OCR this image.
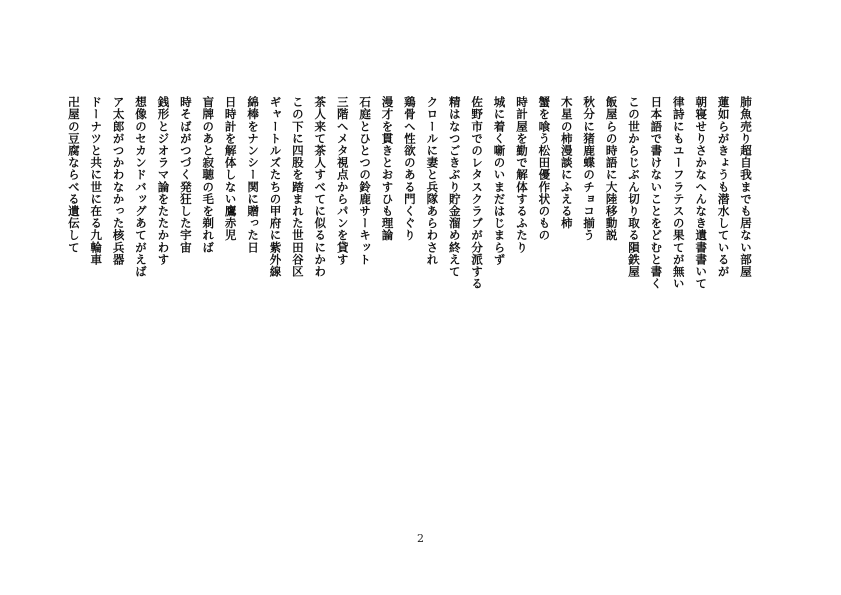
肺魚売り超自我までも居ない部屋
蓮如らがきょうも潜水しているが
朝寝せりさかなへんなき遺書書いて
律詩にもユーフラテスの果てが無い
日本語で書けないことをどむと書く
この世からじぶん切り取る隕鉄屋
飯屋らの時語に大陸移動説
秋分に猪鹿蝶のチョコ揃う
木星の柿漫談にふえる柿
蟹を喰う松田優作状のもの
時計屋を勤で解体するふたり
城に着く噺のいまだはじまらず
佐野市でのレタスクラブが分派する
精はなつごきぶり貯金溜め終えて
クロールに妻と兵隊あらわされ
鶏骨へ性欲のある門くぐり
漫才を貫きとおすひも理論
石庭とひとつの鈴鹿サーキット
三階へメタ視点からパンを貸す
茶人来て茶人すべてに似るにかわ
この下に四股を踏まれた世田谷区
ギャートルズたちの甲府に紫外線
綿棒をナンシー関に贈った日
日時計を解体しない鷹赤児
盲牌のあと寂聴の毛を剃れば
時そばがつづく発狂した宇宙
銭形とジオラマ論をたたかわす
想像のセカンドバッグあてがえば
ア太郎がつかわなかった核兵器
ドーナツと共に世に在る九輪車
卍屋の豆腐ならべる遺伝して
2
